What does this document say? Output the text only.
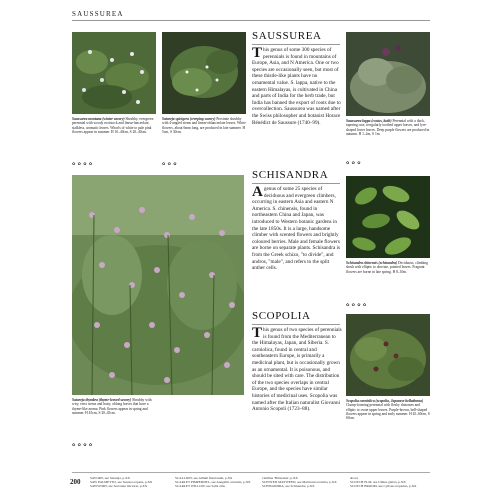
SAUSSUREA
Saussurea montana (winter savory) Shrubby, evergreen perennial with woody rootstock and linear-lanceolate, stalkless, aromatic leaves. Whorls of white to pale pink flowers appear in summer. H 10–40cm, S 20–40cm.
✿ ✿ ✿ ✿
Satureja spicigera (creeping savory) Prostrate shrubby with 4-angled stems and linear-oblanceolate leaves. White flowers, about 6mm long, are produced in late summer. H 5cm, S 30cm.
✿ ✿ ✿
Satureja thymbra (thyme-leaved savory) Shrubby with wiry, erect stems and hairy, oblong leaves that have a thyme-like aroma. Pink flowers appear in spring and summer. H 45cm, S 30–45cm.
✿ ✿ ✿ ✿
SAUSSUREA
This genus of some 300 species of perennials is found in mountains of Europe, Asia, and N America. One or two species are occasionally seen, but most of these thistle-like plants have no ornamental value. S. lappa, native to the eastern Himalayas, is cultivated in China and parts of India for the herb trade, but India has banned the export of roots due to overcollection. Saussurea was named after the Swiss philosopher and botanist Horace Bénédict de Saussure (1740–99).	Saussurea lappa (costus, kuth) Perennial with a thick, tapering root, irregularly toothed upper leaves, and lyre-shaped lower leaves. Deep purple flowers are produced in autumn. H 1–2m, S 1m.
✿ ✿ ✿
SCHISANDRA
A genus of some 25 species of deciduous and evergreen climbers, occurring in eastern Asia and eastern N America. S. chinensis, found in northeastern China and Japan, was introduced to Western botanic gardens in the late 1850s. It is a large, handsome climber with scented flowers and brightly coloured berries. Male and female flowers are borne on separate plants. Schisandra is from the Greek schizo, "to divide", and andros, "male", and refers to the split anther cells.
Schisandra chinensis (schisandra) Deciduous, climbing shrub with elliptic to obovate, pointed leaves. Fragrant flowers are borne in late spring. H 8–10m.
✿ ✿ ✿ ✿
SCOPOLIA
This genus of two species of perennials is found from the Mediterranean to the Himalayas, Japan, and Siberia. S. carniolica, found in central and southeastern Europe, is primarily a medicinal plant, but is occasionally grown as an ornamental. It is poisonous, and should be sited with care. The distribution of the two species overlaps in central Europe, and the species have similar histories of medicinal uses. Scopolia was named after the Italian naturalist Giovanni Antonio Scopoli (1723–88).
Scopolia carniolica (scopolia, Japanese belladonna) Clump-forming perennial with fleshy rhizomes and elliptic to ovate upper leaves. Purple-brown, bell-shaped flowers appear in spring and early summer. H 45–60cm, S 60cm.
200	SAVORY, see Satureja, p.XX
SAW PALMETTO, see Serenoa repens, p.XX
SAWWORT, see Serratula tinctoria, p.XX
SCALLION, see Allium fistulosum, p.XX
SCARLET PIMPERNEL, see Anagallis arvensis, p.XX
SCARLET WILLOW, see Salix alba
vitellina 'Britzensis', p.XX
SCENTED MAYWEED, see Matricaria recutita, p.XX
SCHISANDRA, see Schisandra, p.XX
above
SCOTCH ELM, see Ulmus glabra, p.XX
SCOTCH BROOM, see Cytisus scoparius, p.XX
